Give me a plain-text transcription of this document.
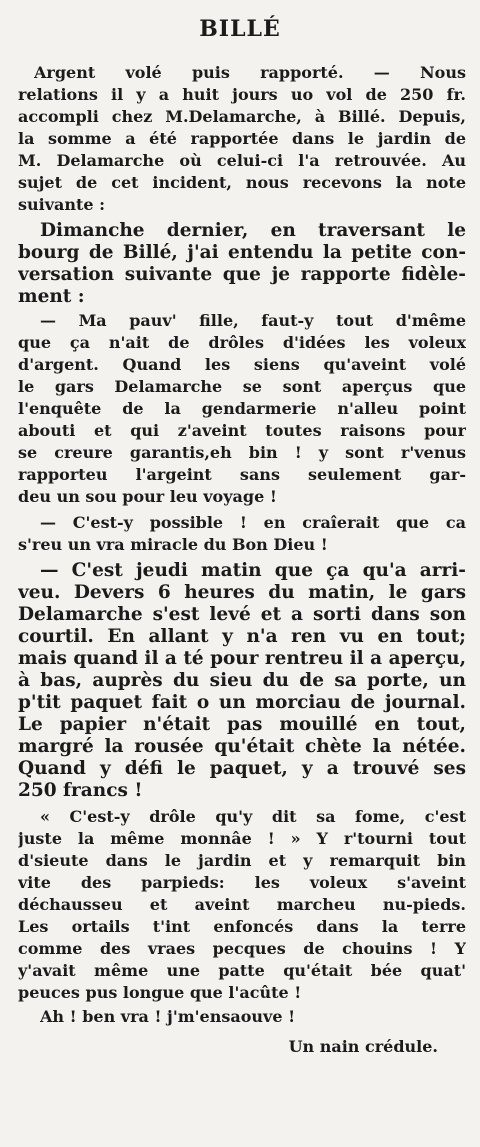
BILLÉ
Argent volé puis rapporté. — Nous
relations il y a huit jours uo vol de 250 fr.
accompli chez M.Delamarche, à Billé. Depuis,
la somme a été rapportée dans le jardin de
M. Delamarche où celui-ci l'a retrouvée. Au
sujet de cet incident, nous recevons la note
suivante :
Dimanche dernier, en traversant le
bourg de Billé, j'ai entendu la petite con-
versation suivante que je rapporte fidèle-
ment :
— Ma pauv' fille, faut-y tout d'même
que ça n'ait de drôles d'idées les voleux
d'argent. Quand les siens qu'aveint volé
le gars Delamarche se sont aperçus que
l'enquête de la gendarmerie n'alleu point
abouti et qui z'aveint toutes raisons pour
se creure garantis,eh bin ! y sont r'venus
rapporteu l'argeint sans seulement gar-
deu un sou pour leu voyage !
— C'est-y possible ! en craîerait que ca
s'reu un vra miracle du Bon Dieu !
— C'est jeudi matin que ça qu'a arri-
veu. Devers 6 heures du matin, le gars
Delamarche s'est levé et a sorti dans son
courtil. En allant y n'a ren vu en tout;
mais quand il a té pour rentreu il a aperçu,
à bas, auprès du sieu du de sa porte, un
p'tit paquet fait o un morciau de journal.
Le papier n'était pas mouillé en tout,
margré la rousée qu'était chète la nétée.
Quand y défi le paquet, y a trouvé ses
250 francs !
« C'est-y drôle qu'y dit sa fome, c'est
juste la même monnâe ! » Y r'tourni tout
d'sieute dans le jardin et y remarquit bin
vite des parpieds: les voleux s'aveint
déchausseu et aveint marcheu nu-pieds.
Les ortails t'int enfoncés dans la terre
comme des vraes pecques de chouins ! Y
y'avait même une patte qu'était bée quat'
peuces pus longue que l'acûte !
Ah ! ben vra ! j'm'ensaouve !
Un nain crédule.
